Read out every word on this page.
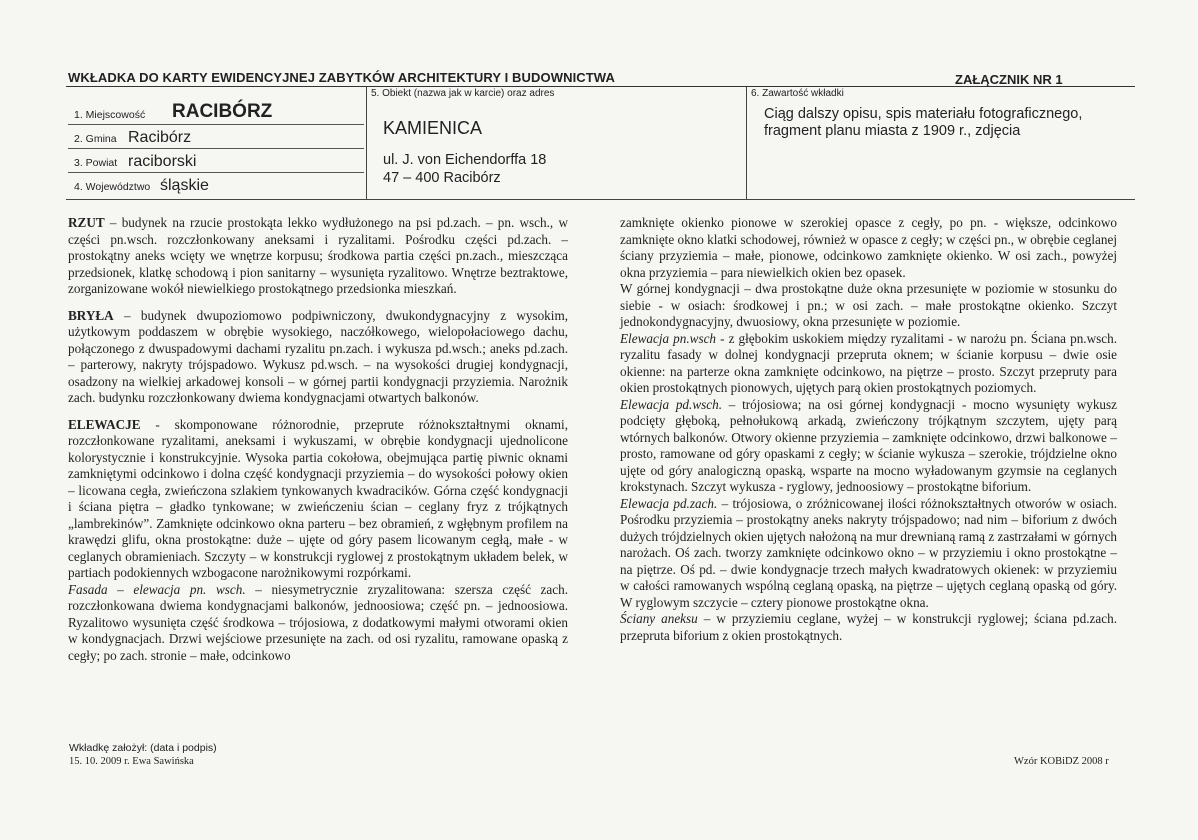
WKŁADKA DO KARTY EWIDENCYJNEJ ZABYTKÓW ARCHITEKTURY I BUDOWNICTWA	ZAŁĄCZNIK NR 1
1. Miejscowość RACIBÓRZ
2. Gmina Racibórz
3. Powiat raciborski
4. Województwo śląskie
5. Obiekt (nazwa jak w karcie) oraz adres
KAMIENICA
ul. J. von Eichendorffa 18
47 – 400 Racibórz
6. Zawartość wkładki
Ciąg dalszy opisu, spis materiału fotograficznego,
fragment planu miasta z 1909 r., zdjęcia

RZUT – budynek na rzucie prostokąta lekko wydłużonego na psi pd.zach. – pn. wsch., w części pn.wsch. rozczłonkowany aneksami i ryzalitami. Pośrodku części pd.zach. – prostokątny aneks wcięty we wnętrze korpusu; środkowa partia części pn.zach., mieszcząca przedsionek, klatkę schodową i pion sanitarny – wysunięta ryzalitowo. Wnętrze beztraktowe, zorganizowane wokół niewielkiego prostokątnego przedsionka mieszkań.

BRYŁA – budynek dwupoziomowo podpiwniczony, dwukondygnacyjny z wysokim, użytkowym poddaszem w obrębie wysokiego, naczółkowego, wielopołaciowego dachu, połączonego z dwuspadowymi dachami ryzalitu pn.zach. i wykusza pd.wsch.; aneks pd.zach. – parterowy, nakryty trójspadowo. Wykusz pd.wsch. – na wysokości drugiej kondygnacji, osadzony na wielkiej arkadowej konsoli – w górnej partii kondygnacji przyziemia. Narożnik zach. budynku rozczłonkowany dwiema kondygnacjami otwartych balkonów.

ELEWACJE - skomponowane różnorodnie, przeprute różnokształtnymi oknami, rozczłonkowane ryzalitami, aneksami i wykuszami, w obrębie kondygnacji ujednolicone kolorystycznie i konstrukcyjnie. Wysoka partia cokołowa, obejmująca partię piwnic oknami zamkniętymi odcinkowo i dolna część kondygnacji przyziemia – do wysokości połowy okien – licowana cegła, zwieńczona szlakiem tynkowanych kwadracików. Górna część kondygnacji i ściana piętra – gładko tynkowane; w zwieńczeniu ścian – ceglany fryz z trójkątnych „lambrekinów”. Zamknięte odcinkowo okna parteru – bez obramień, z wgłębnym profilem na krawędzi glifu, okna prostokątne: duże – ujęte od góry pasem licowanym cegłą, małe - w ceglanych obramieniach. Szczyty – w konstrukcji ryglowej z prostokątnym układem belek, w partiach podokiennych wzbogacone narożnikowymi rozpórkami.

Fasada – elewacja pn. wsch. – niesymetrycznie zryzalitowana: szersza część zach. rozczłonkowana dwiema kondygnacjami balkonów, jednoosiowa; część pn. – jednoosiowa. Ryzalitowo wysunięta część środkowa – trójosiowa, z dodatkowymi małymi otworami okien w kondygnacjach. Drzwi wejściowe przesunięte na zach. od osi ryzalitu, ramowane opaską z cegły; po zach. stronie – małe, odcinkowo

zamknięte okienko pionowe w szerokiej opasce z cegły, po pn. - większe, odcinkowo zamknięte okno klatki schodowej, również w opasce z cegły; w części pn., w obrębie ceglanej ściany przyziemia – małe, pionowe, odcinkowo zamknięte okienko. W osi zach., powyżej okna przyziemia – para niewielkich okien bez opasek.

W górnej kondygnacji – dwa prostokątne duże okna przesunięte w poziomie w stosunku do siebie - w osiach: środkowej i pn.; w osi zach. – małe prostokątne okienko. Szczyt jednokondygnacyjny, dwuosiowy, okna przesunięte w poziomie.

Elewacja pn.wsch - z głębokim uskokiem między ryzalitami - w narożu pn. Ściana pn.wsch. ryzalitu fasady w dolnej kondygnacji przepruta oknem; w ścianie korpusu – dwie osie okienne: na parterze okna zamknięte odcinkowo, na piętrze – prosto. Szczyt przepruty para okien prostokątnych pionowych, ujętych parą okien prostokątnych poziomych.

Elewacja pd.wsch. – trójosiowa; na osi górnej kondygnacji - mocno wysunięty wykusz podcięty głęboką, pełnołukową arkadą, zwieńczony trójkątnym szczytem, ujęty parą wtórnych balkonów. Otwory okienne przyziemia – zamknięte odcinkowo, drzwi balkonowe – prosto, ramowane od góry opaskami z cegły; w ścianie wykusza – szerokie, trójdzielne okno ujęte od góry analogiczną opaską, wsparte na mocno wyładowanym gzymsie na ceglanych krokstynach. Szczyt wykusza - ryglowy, jednoosiowy – prostokątne biforium.

Elewacja pd.zach. – trójosiowa, o zróżnicowanej ilości różnokształtnych otworów w osiach. Pośrodku przyziemia – prostokątny aneks nakryty trójspadowo; nad nim – biforium z dwóch dużych trójdzielnych okien ujętych nałożoną na mur drewnianą ramą z zastrzałami w górnych narożach. Oś zach. tworzy zamknięte odcinkowo okno – w przyziemiu i okno prostokątne – na piętrze. Oś pd. – dwie kondygnacje trzech małych kwadratowych okienek: w przyziemiu w całości ramowanych wspólną ceglaną opaską, na piętrze – ujętych ceglaną opaską od góry. W ryglowym szczycie – cztery pionowe prostokątne okna.

Ściany aneksu – w przyziemiu ceglane, wyżej – w konstrukcji ryglowej; ściana pd.zach. przepruta biforium z okien prostokątnych.

Wkładkę założył: (data i podpis)
15. 10. 2009 r. Ewa Sawińska	Wzór KOBiDZ 2008 r
